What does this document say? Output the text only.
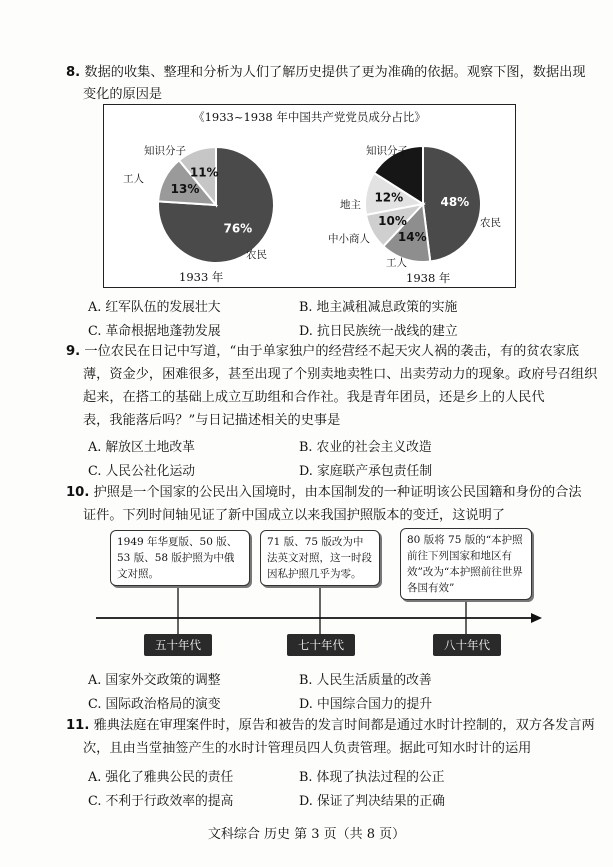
8. 数据的收集、整理和分析为人们了解历史提供了更为准确的依据。观察下图，数据出现
变化的原因是
《1933~1938 年中国共产党党员成分占比》
76%
13%
11%
48%
14%
10%
12%
知识分子
工人
农民
1933 年
知识分子
地主
中小商人
工人
农民
1938 年
A. 红军队伍的发展壮大	B. 地主减租减息政策的实施
C. 革命根据地蓬勃发展	D. 抗日民族统一战线的建立
9. 一位农民在日记中写道，“由于单家独户的经营经不起天灾人祸的袭击，有的贫农家底
薄，资金少，困难很多，甚至出现了个别卖地卖牲口、出卖劳动力的现象。政府号召组织
起来，在搭工的基础上成立互助组和合作社。我是青年团员，还是乡上的人民代
表，我能落后吗？”与日记描述相关的史事是
A. 解放区土地改革	B. 农业的社会主义改造
C. 人民公社化运动	D. 家庭联产承包责任制
10. 护照是一个国家的公民出入国境时，由本国制发的一种证明该公民国籍和身份的合法
证件。下列时间轴见证了新中国成立以来我国护照版本的变迁，这说明了
1949 年华夏版、50 版、53 版、58 版护照为中俄文对照。
71 版、75 版改为中法英文对照，这一时段因私护照几乎为零。
80 版将 75 版的“本护照前往下列国家和地区有效”改为“本护照前往世界各国有效”
五十年代	七十年代	八十年代
A. 国家外交政策的调整	B. 人民生活质量的改善
C. 国际政治格局的演变	D. 中国综合国力的提升
11. 雅典法庭在审理案件时，原告和被告的发言时间都是通过水时计控制的，双方各发言两
次，且由当堂抽签产生的水时计管理员四人负责管理。据此可知水时计的运用
A. 强化了雅典公民的责任	B. 体现了执法过程的公正
C. 不利于行政效率的提高	D. 保证了判决结果的正确
文科综合 历史 第 3 页（共 8 页）
